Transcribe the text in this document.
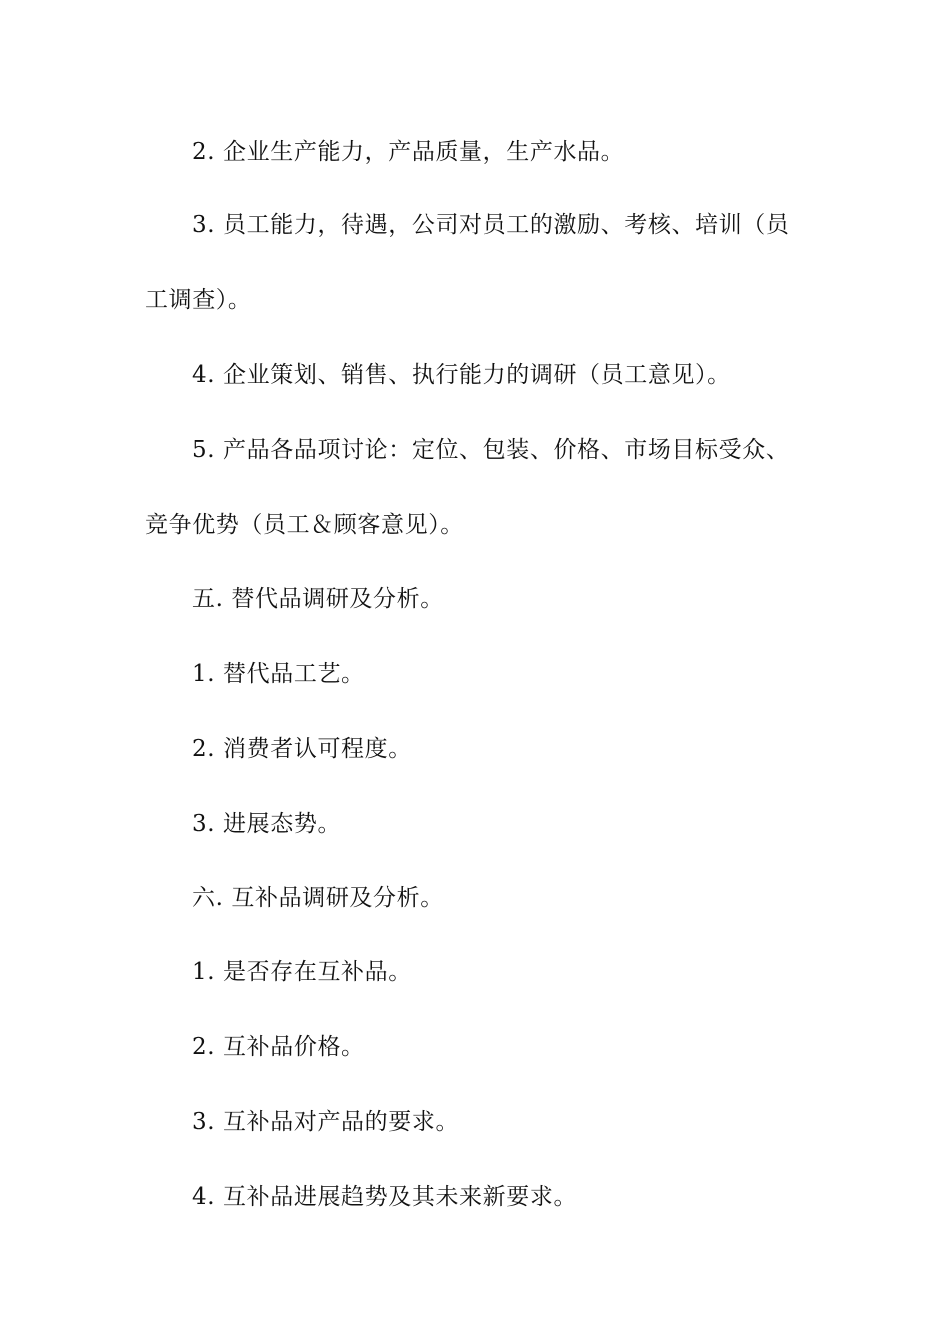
2. 企业生产能力，产品质量，生产水品。
3. 员工能力，待遇，公司对员工的激励、考核、培训（员
工调查）。
4. 企业策划、销售、执行能力的调研（员工意见）。
5. 产品各品项讨论：定位、包装、价格、市场目标受众、
竞争优势（员工＆顾客意见）。
五. 替代品调研及分析。
1. 替代品工艺。
2. 消费者认可程度。
3. 进展态势。
六. 互补品调研及分析。
1. 是否存在互补品。
2. 互补品价格。
3. 互补品对产品的要求。
4. 互补品进展趋势及其未来新要求。
